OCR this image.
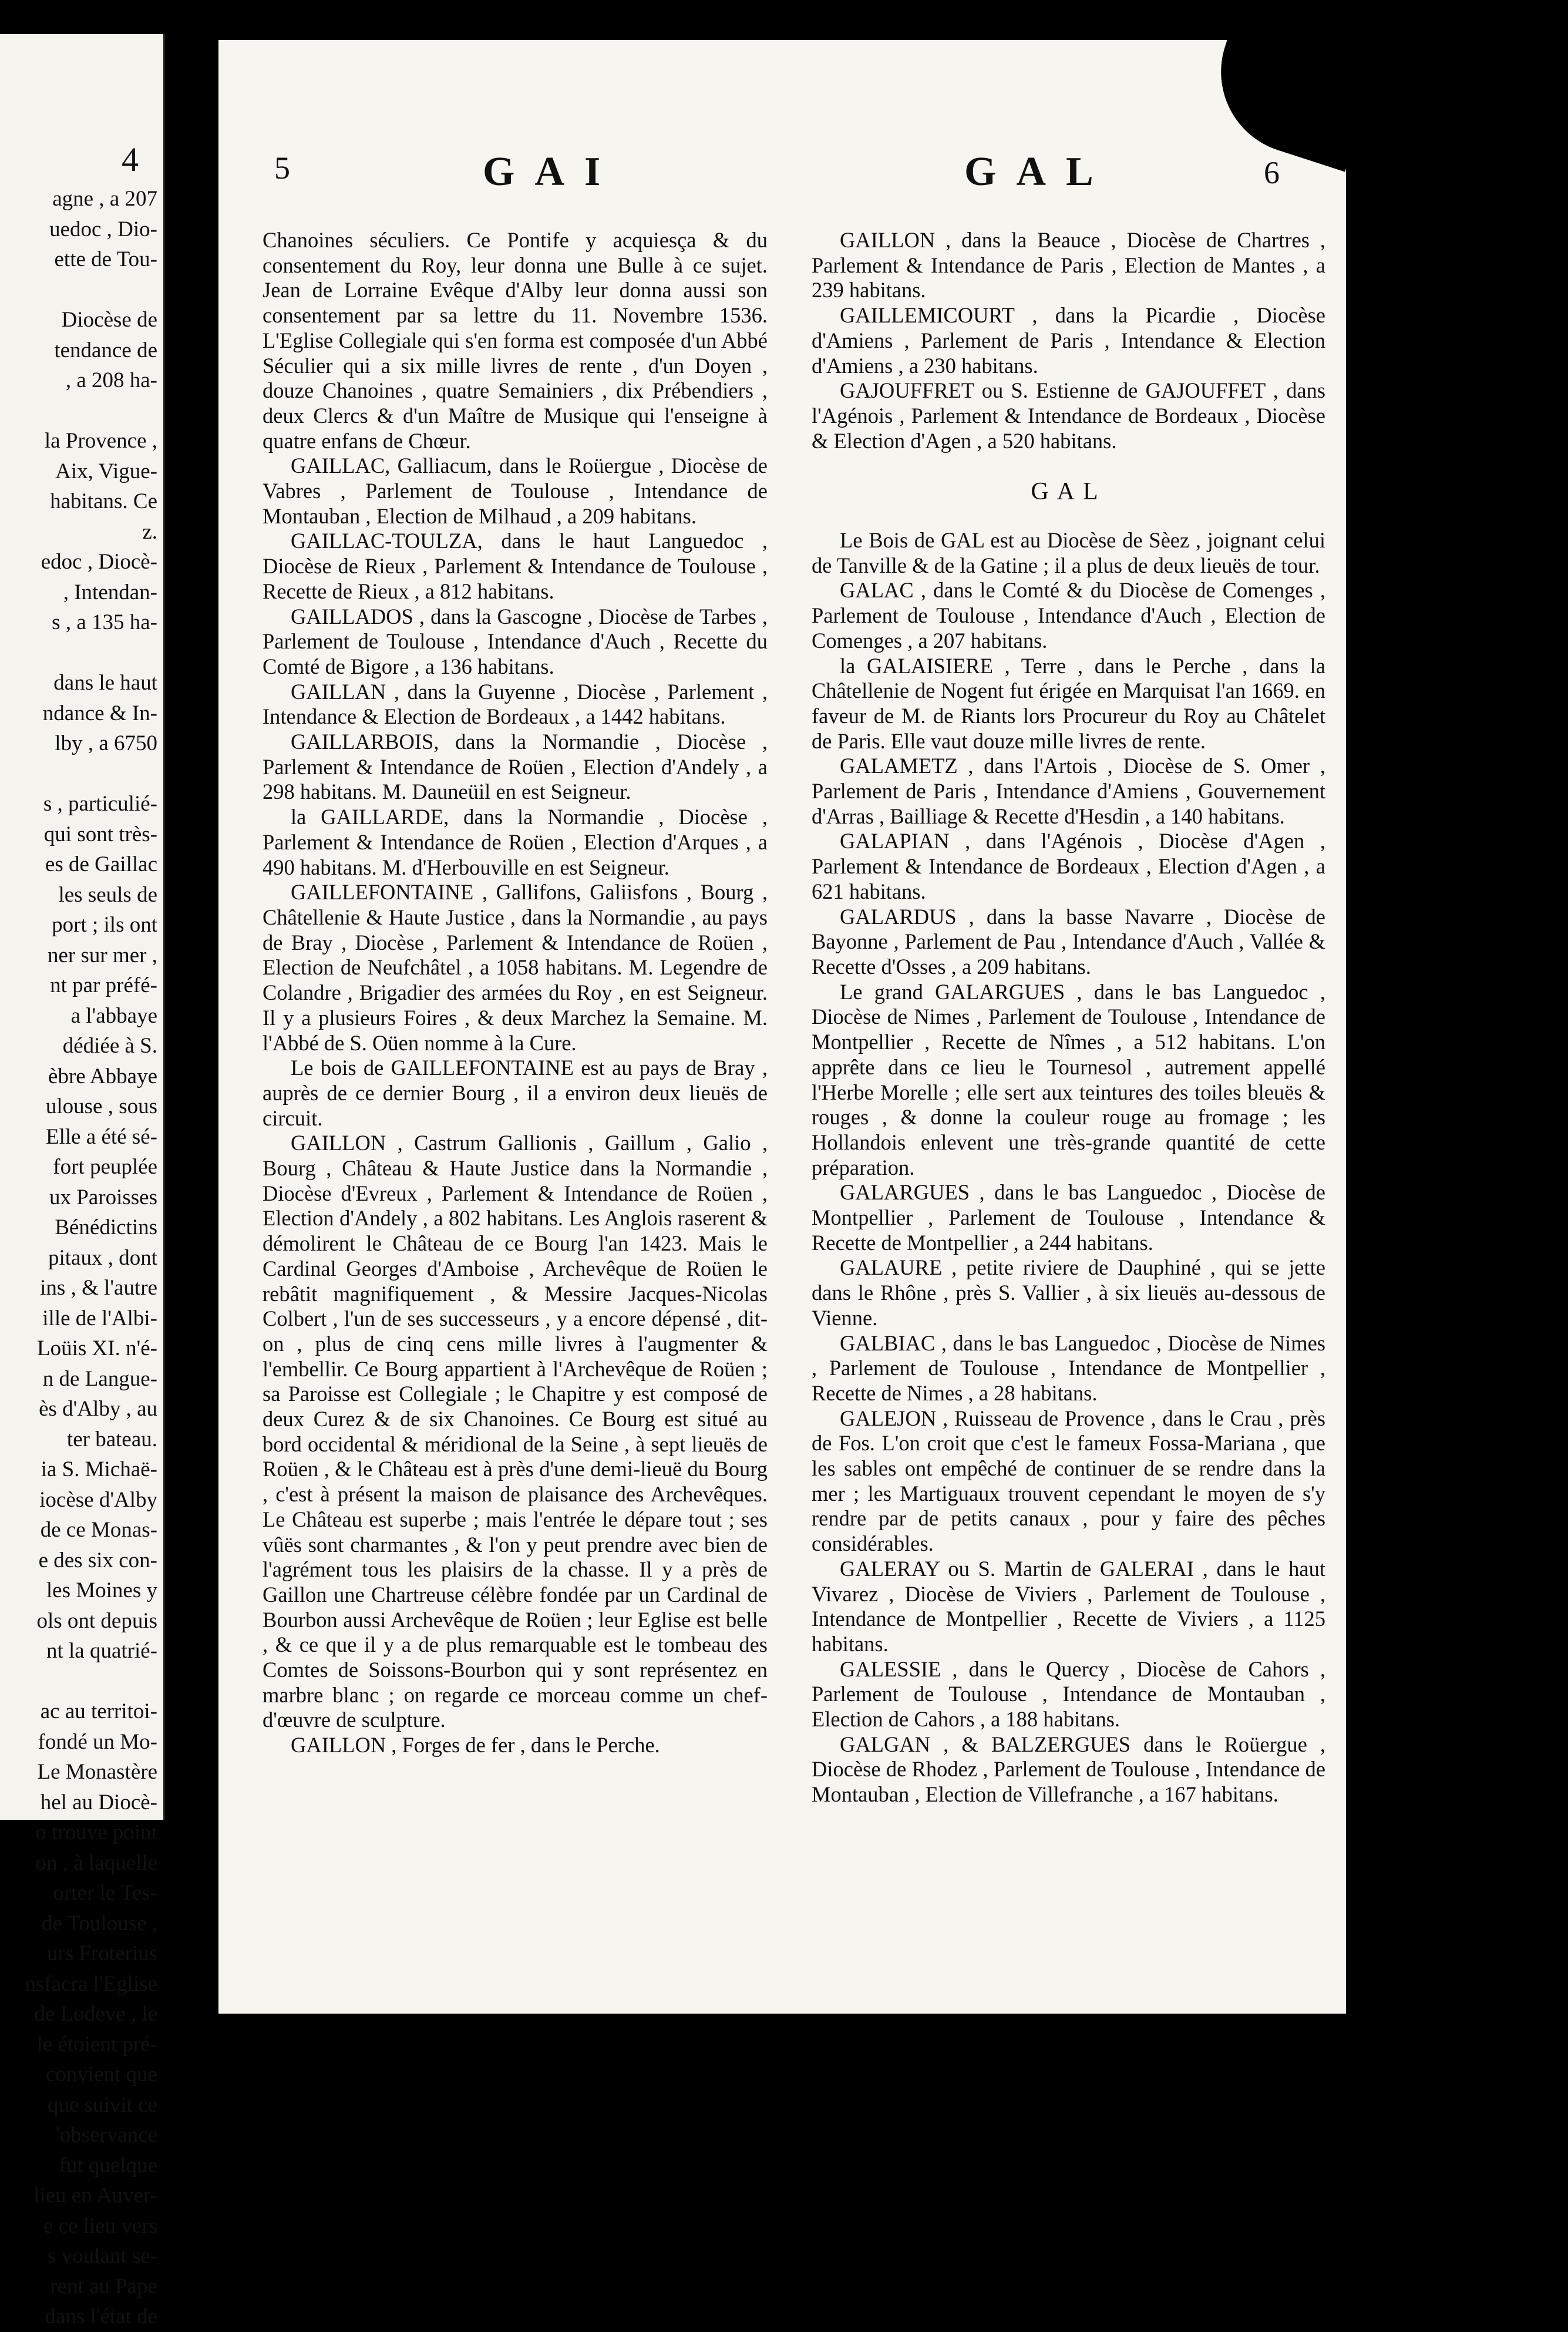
4
agne , a 207
uedoc , Dio-
ette de Tou-

Diocèse de
tendance de
, a 208 ha-

la Provence ,
Aix, Vigue-
habitans. Ce
z.
edoc , Diocè-
, Intendan-
s , a 135 ha-

dans le haut
ndance & In-
lby , a 6750

s , particulié-
qui sont très-
es de Gaillac
les seuls de
port ; ils ont
ner sur mer ,
nt par préfé-
a l'abbaye
dédiée à S.
èbre Abbaye
ulouse , sous
Elle a été sé-
fort peuplée
ux Paroisses
Bénédictins
pitaux , dont
ins , & l'autre
ille de l'Albi-
Loüis XI. n'é-
n de Langue-
ès d'Alby , au
ter bateau.
ia S. Michaë-
iocèse d'Alby
de ce Monas-
e des six con-
les Moines y
ols ont depuis
nt la quatrié-

ac au territoi-
fondé un Mo-
Le Monastère
hel au Diocè-
o trouve point
on , à laquelle
orter le Tes-
de Toulouse ,
urs Froterius
nsfacra l'Eglise
de Lodeve , le
le étoient pré-
convient que
que suivit ce
'observance
fut quelque
lieu en Auver-
e ce lieu vers
s voulant se-
rent au Pape
dans l'état de
5	GAI	GAL	6

Chanoines séculiers. Ce Pontife y acquiesça & du consentement du Roy, leur donna une Bulle à ce sujet. Jean de Lorraine Evêque d'Alby leur donna aussi son consentement par sa lettre du 11. Novembre 1536. L'Eglise Collegiale qui s'en forma est composée d'un Abbé Séculier qui a six mille livres de rente , d'un Doyen , douze Chanoines , quatre Semainiers , dix Prébendiers , deux Clercs & d'un Maître de Musique qui l'enseigne à quatre enfans de Chœur.

GAILLAC, Galliacum, dans le Roüergue , Diocèse de Vabres , Parlement de Toulouse , Intendance de Montauban , Election de Milhaud , a 209 habitans.

GAILLAC-TOULZA, dans le haut Languedoc , Diocèse de Rieux , Parlement & Intendance de Toulouse , Recette de Rieux , a 812 habitans.

GAILLADOS , dans la Gascogne , Diocèse de Tarbes , Parlement de Toulouse , Intendance d'Auch , Recette du Comté de Bigore , a 136 habitans.

GAILLAN , dans la Guyenne , Diocèse , Parlement , Intendance & Election de Bordeaux , a 1442 habitans.

GAILLARBOIS, dans la Normandie , Diocèse , Parlement & Intendance de Roüen , Election d'Andely , a 298 habitans. M. Dauneüil en est Seigneur.

la GAILLARDE, dans la Normandie , Diocèse , Parlement & Intendance de Roüen , Election d'Arques , a 490 habitans. M. d'Herbouville en est Seigneur.

GAILLEFONTAINE , Gallifons, Galiisfons , Bourg , Châtellenie & Haute Justice , dans la Normandie , au pays de Bray , Diocèse , Parlement & Intendance de Roüen , Election de Neufchâtel , a 1058 habitans. M. Legendre de Colandre , Brigadier des armées du Roy , en est Seigneur. Il y a plusieurs Foires , & deux Marchez la Semaine. M. l'Abbé de S. Oüen nomme à la Cure.

Le bois de GAILLEFONTAINE est au pays de Bray , auprès de ce dernier Bourg , il a environ deux lieuës de circuit.

GAILLON , Castrum Gallionis , Gaillum , Galio , Bourg , Château & Haute Justice dans la Normandie , Diocèse d'Evreux , Parlement & Intendance de Roüen , Election d'Andely , a 802 habitans. Les Anglois raserent & démolirent le Château de ce Bourg l'an 1423. Mais le Cardinal Georges d'Amboise , Archevêque de Roüen le rebâtit magnifiquement , & Messire Jacques-Nicolas Colbert , l'un de ses successeurs , y a encore dépensé , dit-on , plus de cinq cens mille livres à l'augmenter & l'embellir. Ce Bourg appartient à l'Archevêque de Roüen ; sa Paroisse est Collegiale ; le Chapitre y est composé de deux Curez & de six Chanoines. Ce Bourg est situé au bord occidental & méridional de la Seine , à sept lieuës de Roüen , & le Château est à près d'une demi-lieuë du Bourg , c'est à présent la maison de plaisance des Archevêques. Le Château est superbe ; mais l'entrée le dépare tout ; ses vûës sont charmantes , & l'on y peut prendre avec bien de l'agrément tous les plaisirs de la chasse. Il y a près de Gaillon une Chartreuse célèbre fondée par un Cardinal de Bourbon aussi Archevêque de Roüen ; leur Eglise est belle , & ce que il y a de plus remarquable est le tombeau des Comtes de Soissons-Bourbon qui y sont représentez en marbre blanc ; on regarde ce morceau comme un chef-d'œuvre de sculpture.

GAILLON , Forges de fer , dans le Perche.

GAILLON , dans la Beauce , Diocèse de Chartres , Parlement & Intendance de Paris , Election de Mantes , a 239 habitans.

GAILLEMICOURT , dans la Picardie , Diocèse d'Amiens , Parlement de Paris , Intendance & Election d'Amiens , a 230 habitans.

GAJOUFFRET ou S. Estienne de GAJOUFFET , dans l'Agénois , Parlement & Intendance de Bordeaux , Diocèse & Election d'Agen , a 520 habitans.

GAL

Le Bois de GAL est au Diocèse de Sèez , joignant celui de Tanville & de la Gatine ; il a plus de deux lieuës de tour.

GALAC , dans le Comté & du Diocèse de Comenges , Parlement de Toulouse , Intendance d'Auch , Election de Comenges , a 207 habitans.

la GALAISIERE , Terre , dans le Perche , dans la Châtellenie de Nogent fut érigée en Marquisat l'an 1669. en faveur de M. de Riants lors Procureur du Roy au Châtelet de Paris. Elle vaut douze mille livres de rente.

GALAMETZ , dans l'Artois , Diocèse de S. Omer , Parlement de Paris , Intendance d'Amiens , Gouvernement d'Arras , Bailliage & Recette d'Hesdin , a 140 habitans.

GALAPIAN , dans l'Agénois , Diocèse d'Agen , Parlement & Intendance de Bordeaux , Election d'Agen , a 621 habitans.

GALARDUS , dans la basse Navarre , Diocèse de Bayonne , Parlement de Pau , Intendance d'Auch , Vallée & Recette d'Osses , a 209 habitans.

Le grand GALARGUES , dans le bas Languedoc , Diocèse de Nimes , Parlement de Toulouse , Intendance de Montpellier , Recette de Nîmes , a 512 habitans. L'on apprête dans ce lieu le Tournesol , autrement appellé l'Herbe Morelle ; elle sert aux teintures des toiles bleuës & rouges , & donne la couleur rouge au fromage ; les Hollandois enlevent une très-grande quantité de cette préparation.

GALARGUES , dans le bas Languedoc , Diocèse de Montpellier , Parlement de Toulouse , Intendance & Recette de Montpellier , a 244 habitans.

GALAURE , petite riviere de Dauphiné , qui se jette dans le Rhône , près S. Vallier , à six lieuës au-dessous de Vienne.

GALBIAC , dans le bas Languedoc , Diocèse de Nimes , Parlement de Toulouse , Intendance de Montpellier , Recette de Nimes , a 28 habitans.

GALEJON , Ruisseau de Provence , dans le Crau , près de Fos. L'on croit que c'est le fameux Fossa-Mariana , que les sables ont empêché de continuer de se rendre dans la mer ; les Martiguaux trouvent cependant le moyen de s'y rendre par de petits canaux , pour y faire des pêches considérables.

GALERAY ou S. Martin de GALERAI , dans le haut Vivarez , Diocèse de Viviers , Parlement de Toulouse , Intendance de Montpellier , Recette de Viviers , a 1125 habitans.

GALESSIE , dans le Quercy , Diocèse de Cahors , Parlement de Toulouse , Intendance de Montauban , Election de Cahors , a 188 habitans.

GALGAN , & BALZERGUES dans le Roüergue , Diocèse de Rhodez , Parlement de Toulouse , Intendance de Montauban , Election de Villefranche , a 167 habitans.
